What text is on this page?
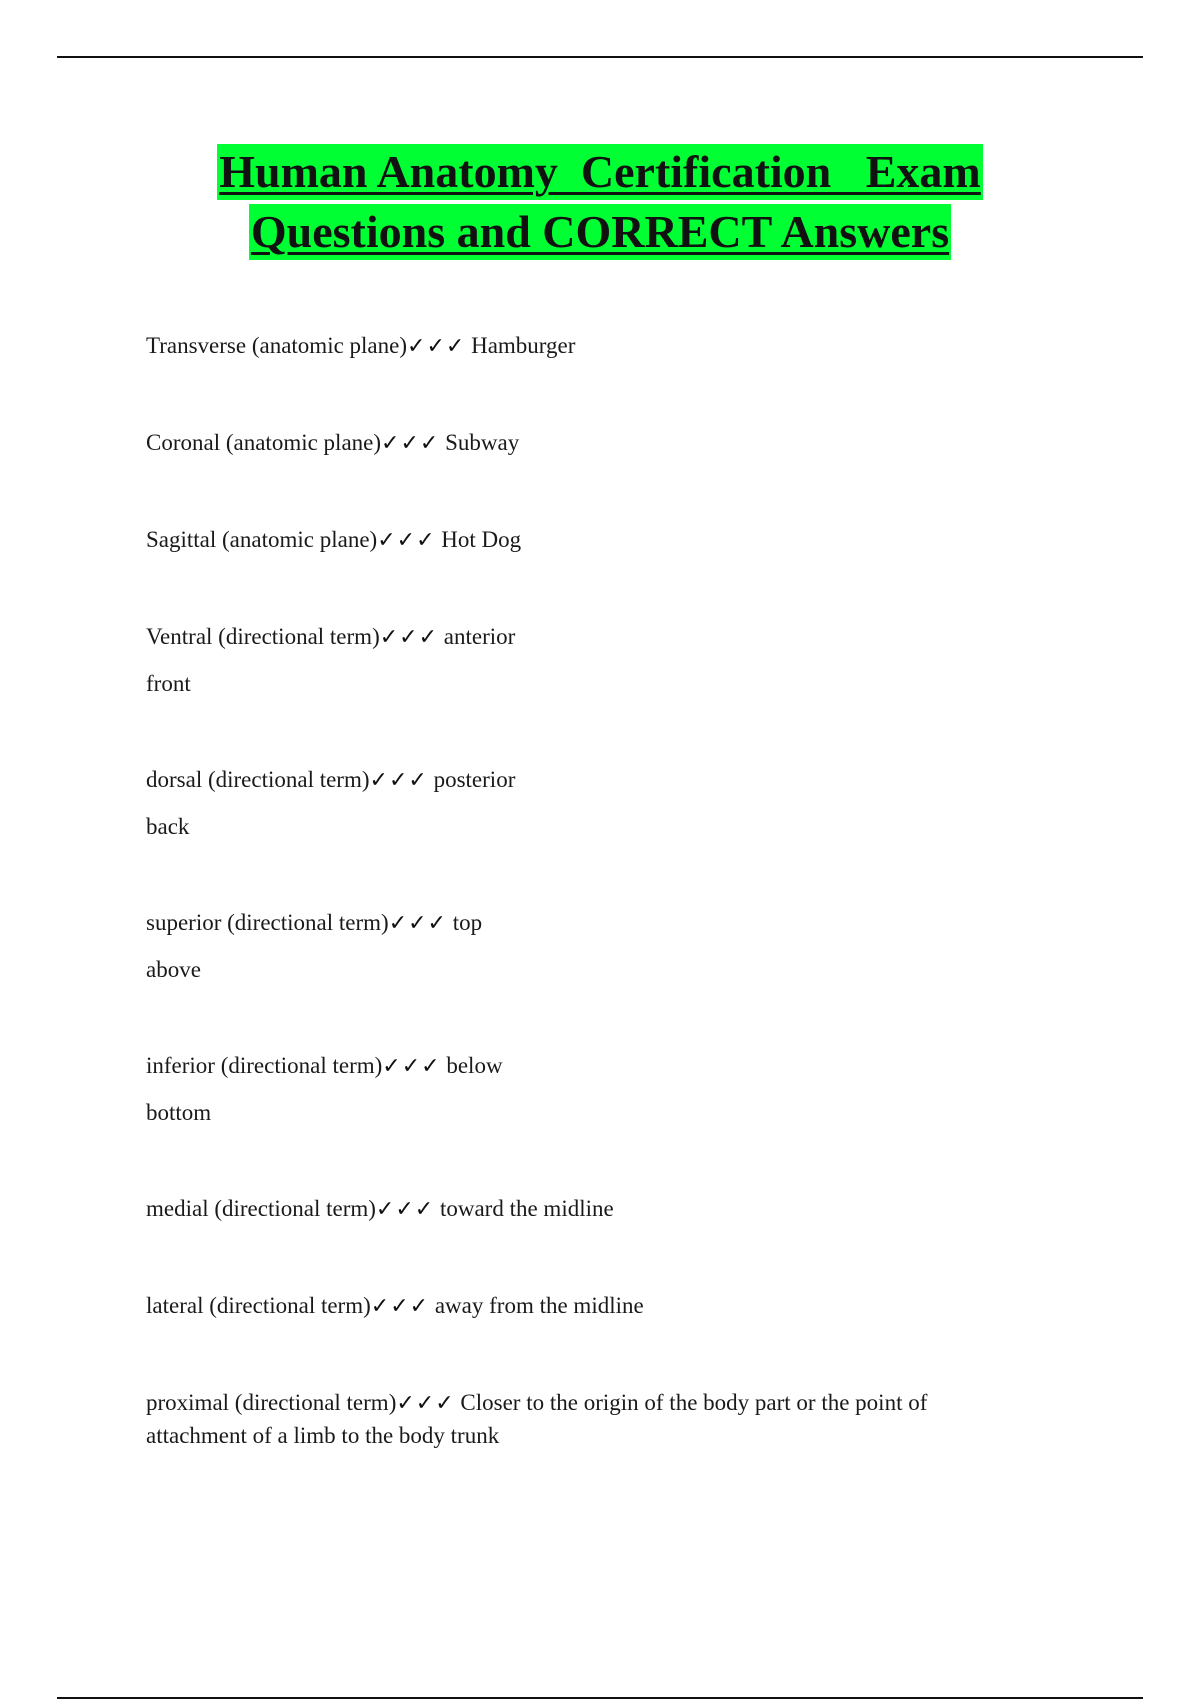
Human Anatomy  Certification   Exam
Questions and CORRECT Answers
Transverse (anatomic plane)✓✓✓ Hamburger
Coronal (anatomic plane)✓✓✓ Subway
Sagittal (anatomic plane)✓✓✓ Hot Dog
Ventral (directional term)✓✓✓ anterior
front
dorsal (directional term)✓✓✓ posterior
back
superior (directional term)✓✓✓ top
above
inferior (directional term)✓✓✓ below
bottom
medial (directional term)✓✓✓ toward the midline
lateral (directional term)✓✓✓ away from the midline
proximal (directional term)✓✓✓ Closer to the origin of the body part or the point of
attachment of a limb to the body trunk
